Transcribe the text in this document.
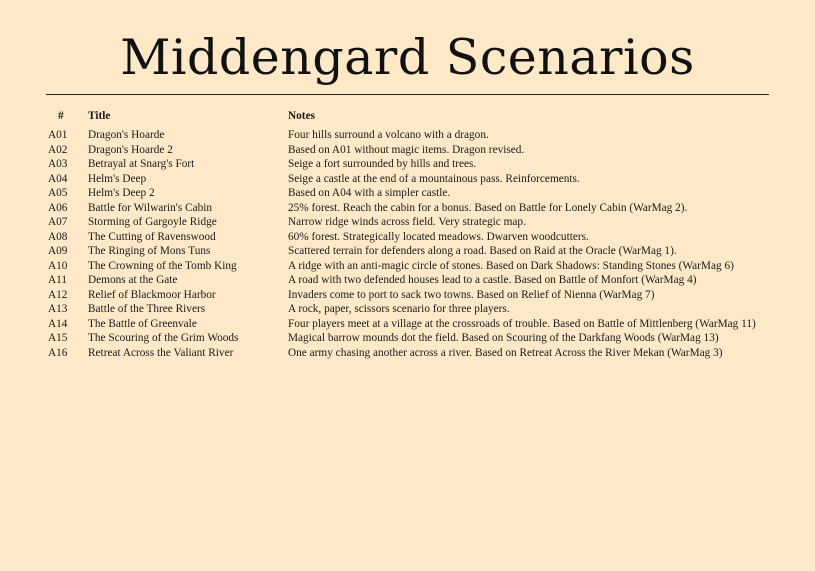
Middengard Scenarios
# Title	Notes
A01 Dragon's Hoarde	Four hills surround a volcano with a dragon.
A02 Dragon's Hoarde 2	Based on A01 without magic items. Dragon revised.
A03 Betrayal at Snarg's Fort	Seige a fort surrounded by hills and trees.
A04 Helm's Deep	Seige a castle at the end of a mountainous pass. Reinforcements.
A05 Helm's Deep 2	Based on A04 with a simpler castle.
A06 Battle for Wilwarin's Cabin	25% forest. Reach the cabin for a bonus. Based on Battle for Lonely Cabin (WarMag 2).
A07 Storming of Gargoyle Ridge	Narrow ridge winds across field. Very strategic map.
A08 The Cutting of Ravenswood	60% forest. Strategically located meadows. Dwarven woodcutters.
A09 The Ringing of Mons Tuns	Scattered terrain for defenders along a road. Based on Raid at the Oracle (WarMag 1).
A10 The Crowning of the Tomb King	A ridge with an anti-magic circle of stones. Based on Dark Shadows: Standing Stones (WarMag 6)
A11 Demons at the Gate	A road with two defended houses lead to a castle. Based on Battle of Monfort (WarMag 4)
A12 Relief of Blackmoor Harbor	Invaders come to port to sack two towns. Based on Relief of Nienna (WarMag 7)
A13 Battle of the Three Rivers	A rock, paper, scissors scenario for three players.
A14 The Battle of Greenvale	Four players meet at a village at the crossroads of trouble. Based on Battle of Mittlenberg (WarMag 11)
A15 The Scouring of the Grim Woods	Magical barrow mounds dot the field. Based on Scouring of the Darkfang Woods (WarMag 13)
A16 Retreat Across the Valiant River	One army chasing another across a river. Based on Retreat Across the River Mekan (WarMag 3)
